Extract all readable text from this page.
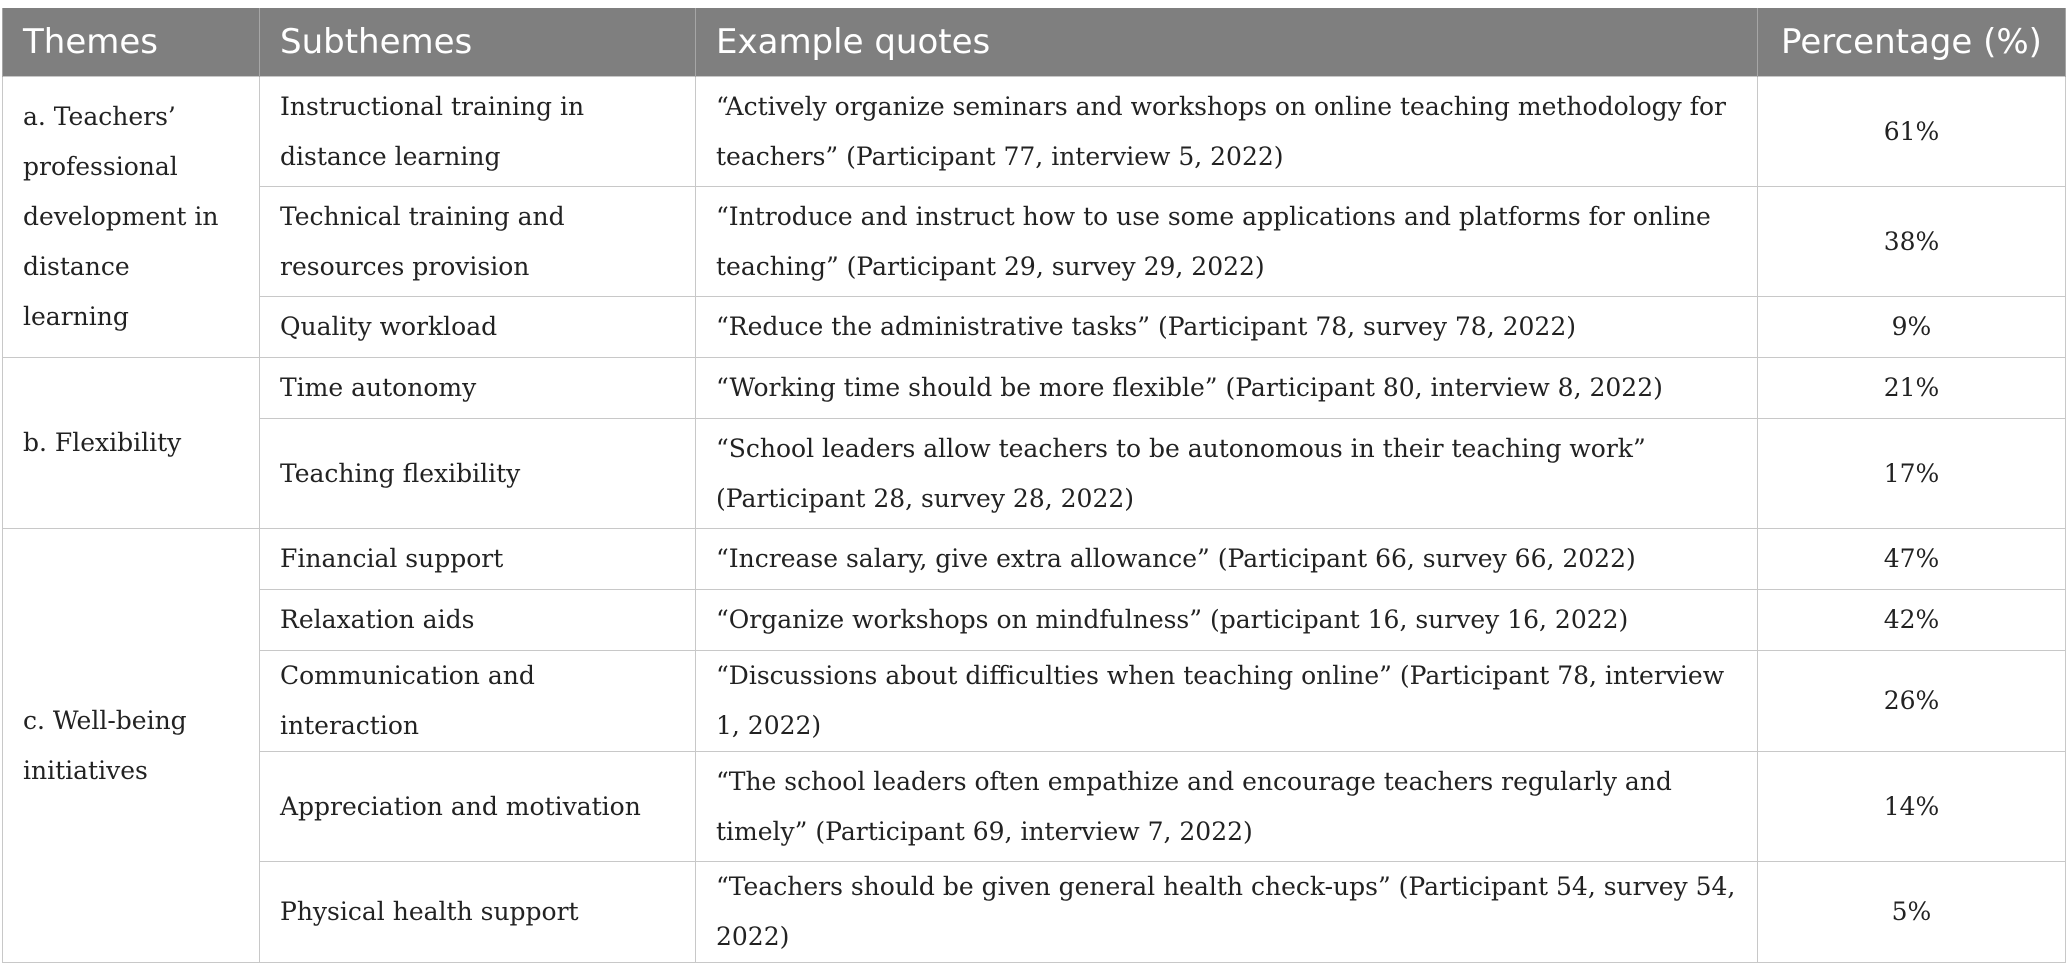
Themes	Subthemes	Example quotes	Percentage (%)
a. Teachers’ professional development in distance learning	Instructional training in distance learning	“Actively organize seminars and workshops on online teaching methodology for teachers” (Participant 77, interview 5, 2022)	61%
	Technical training and resources provision	“Introduce and instruct how to use some applications and platforms for online teaching” (Participant 29, survey 29, 2022)	38%
	Quality workload	“Reduce the administrative tasks” (Participant 78, survey 78, 2022)	9%
b. Flexibility	Time autonomy	“Working time should be more flexible” (Participant 80, interview 8, 2022)	21%
	Teaching flexibility	“School leaders allow teachers to be autonomous in their teaching work” (Participant 28, survey 28, 2022)	17%
c. Well-being initiatives	Financial support	“Increase salary, give extra allowance” (Participant 66, survey 66, 2022)	47%
	Relaxation aids	“Organize workshops on mindfulness” (participant 16, survey 16, 2022)	42%
	Communication and interaction	“Discussions about difficulties when teaching online” (Participant 78, interview 1, 2022)	26%
	Appreciation and motivation	“The school leaders often empathize and encourage teachers regularly and timely” (Participant 69, interview 7, 2022)	14%
	Physical health support	“Teachers should be given general health check-ups” (Participant 54, survey 54, 2022)	5%
